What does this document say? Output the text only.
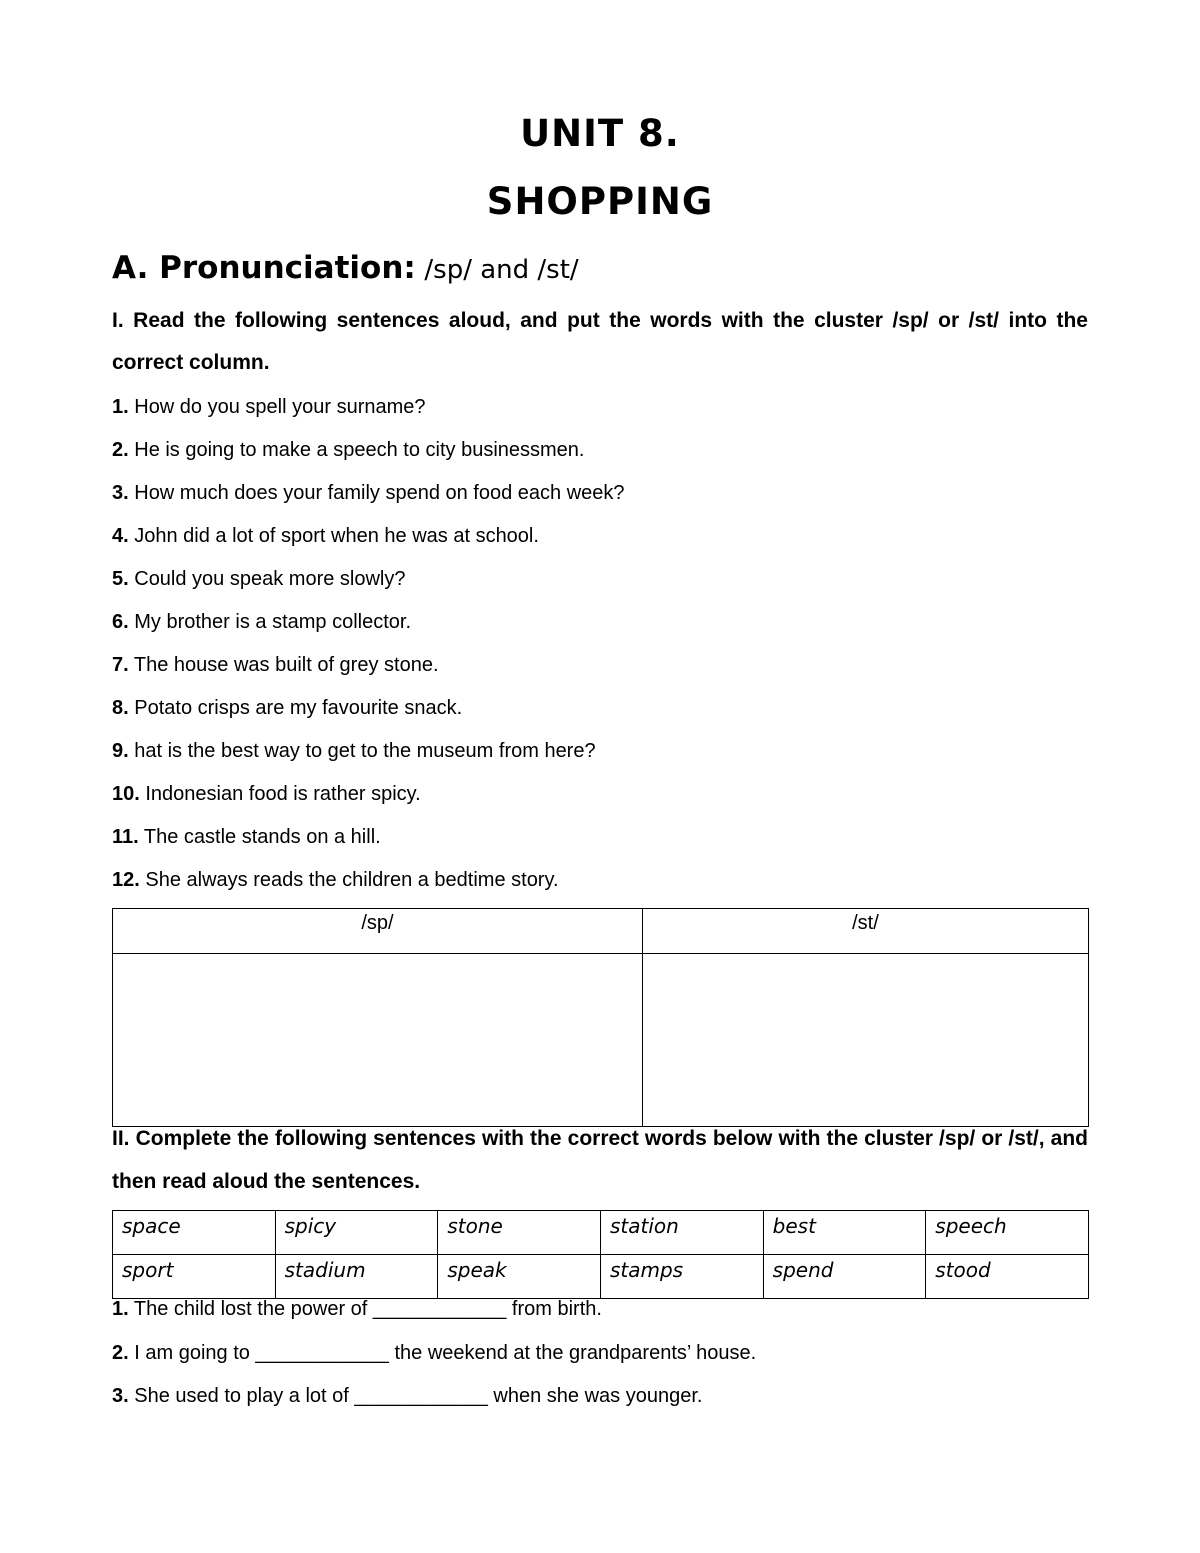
UNIT 8.
SHOPPING
A. Pronunciation: /sp/ and /st/
I. Read the following sentences aloud, and put the words with the cluster /sp/ or /st/ into the
correct column.
1. How do you spell your surname?
2. He is going to make a speech to city businessmen.
3. How much does your family spend on food each week?
4. John did a lot of sport when he was at school.
5. Could you speak more slowly?
6. My brother is a stamp collector.
7. The house was built of grey stone.
8. Potato crisps are my favourite snack.
9. hat is the best way to get to the museum from here?
10. Indonesian food is rather spicy.
11. The castle stands on a hill.
12. She always reads the children a bedtime story.
/sp/	/st/

II. Complete the following sentences with the correct words below with the cluster /sp/ or /st/, and
then read aloud the sentences.
space	spicy	stone	station	best	speech
sport	stadium	speak	stamps	spend	stood
1. The child lost the power of ____________ from birth.
2. I am going to ____________ the weekend at the grandparents’ house.
3. She used to play a lot of ____________ when she was younger.
